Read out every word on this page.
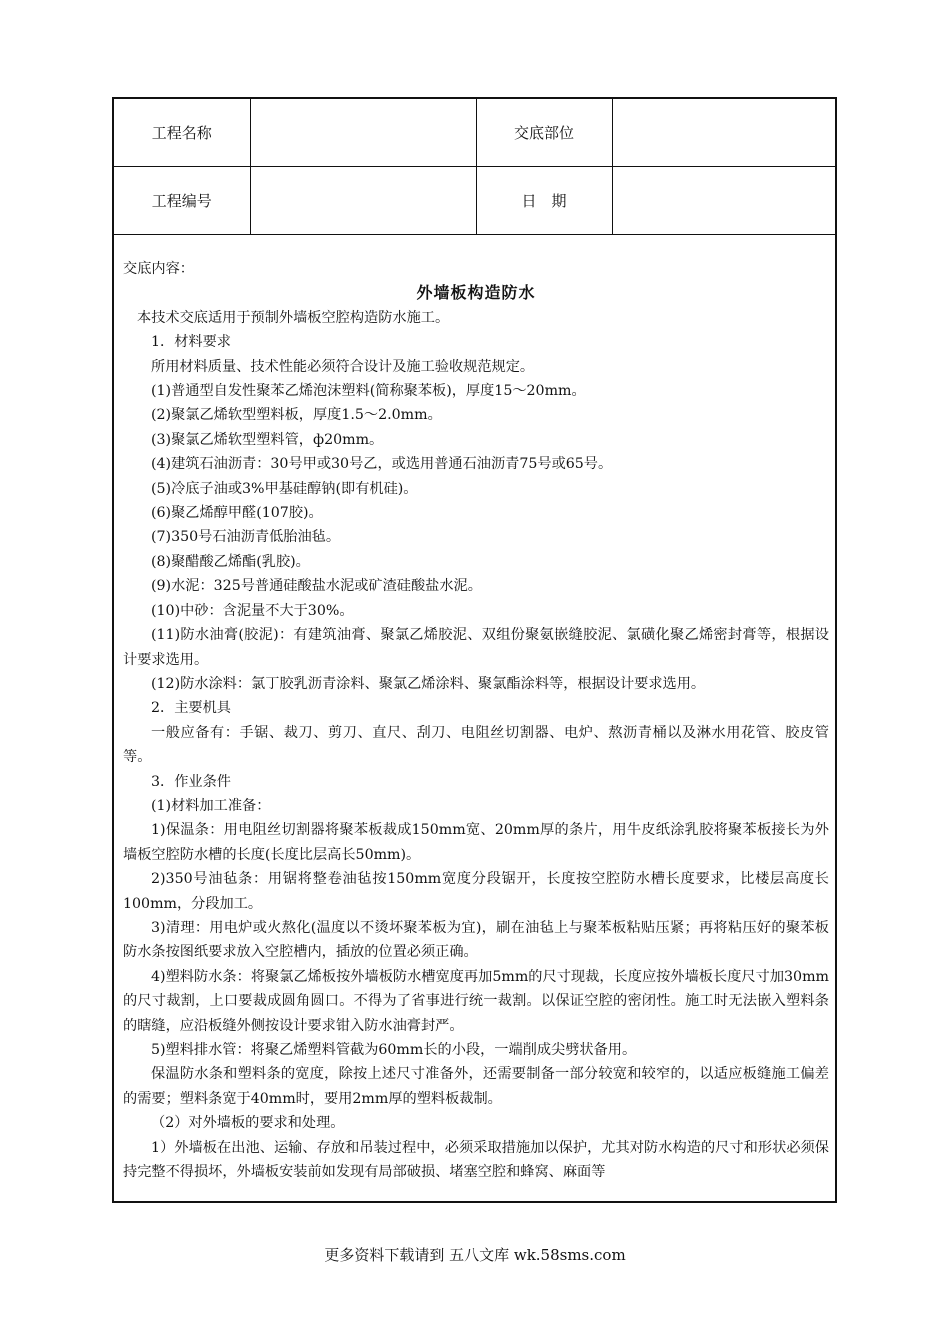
工程名称		交底部位	
工程编号		日　期	

交底内容：

外墙板构造防水

本技术交底适用于预制外墙板空腔构造防水施工。

1．材料要求

所用材料质量、技术性能必须符合设计及施工验收规范规定。

(1)普通型自发性聚苯乙烯泡沫塑料(简称聚苯板)，厚度15～20mm。

(2)聚氯乙烯软型塑料板，厚度1.5～2.0mm。

(3)聚氯乙烯软型塑料管，ф20mm。

(4)建筑石油沥青：30号甲或30号乙，或选用普通石油沥青75号或65号。

(5)冷底子油或3%甲基硅醇钠(即有机硅)。

(6)聚乙烯醇甲醛(107胶)。

(7)350号石油沥青低胎油毡。

(8)聚醋酸乙烯酯(乳胶)。

(9)水泥：325号普通硅酸盐水泥或矿渣硅酸盐水泥。

(10)中砂：含泥量不大于30%。

(11)防水油膏(胶泥)：有建筑油膏、聚氯乙烯胶泥、双组份聚氨嵌缝胶泥、氯磺化聚乙烯密封膏等，根据设计要求选用。

(12)防水涂料：氯丁胶乳沥青涂料、聚氯乙烯涂料、聚氯酯涂料等，根据设计要求选用。

2．主要机具

一般应备有：手锯、裁刀、剪刀、直尺、刮刀、电阻丝切割器、电炉、熬沥青桶以及淋水用花管、胶皮管等。

3．作业条件

(1)材料加工准备：

1)保温条：用电阻丝切割器将聚苯板裁成150mm宽、20mm厚的条片，用牛皮纸涂乳胶将聚苯板接长为外墙板空腔防水槽的长度(长度比层高长50mm)。

2)350号油毡条：用锯将整卷油毡按150mm宽度分段锯开，长度按空腔防水槽长度要求，比楼层高度长100mm，分段加工。

3)清理：用电炉或火熬化(温度以不烫坏聚苯板为宜)，刷在油毡上与聚苯板粘贴压紧；再将粘压好的聚苯板防水条按图纸要求放入空腔槽内，插放的位置必须正确。

4)塑料防水条：将聚氯乙烯板按外墙板防水槽宽度再加5mm的尺寸现裁，长度应按外墙板长度尺寸加30mm的尺寸裁割，上口要裁成圆角圆口。不得为了省事进行统一裁割。以保证空腔的密闭性。施工时无法嵌入塑料条的瞎缝，应沿板缝外侧按设计要求钳入防水油膏封严。

5)塑料排水管：将聚乙烯塑料管截为60mm长的小段，一端削成尖劈状备用。

保温防水条和塑料条的宽度，除按上述尺寸准备外，还需要制备一部分较宽和较窄的，以适应板缝施工偏差的需要；塑料条宽于40mm时，要用2mm厚的塑料板裁制。

（2）对外墙板的要求和处理。

1）外墙板在出池、运输、存放和吊装过程中，必须采取措施加以保护，尤其对防水构造的尺寸和形状必须保持完整不得损坏，外墙板安装前如发现有局部破损、堵塞空腔和蜂窝、麻面等

更多资料下载请到 五八文库 wk.58sms.com
